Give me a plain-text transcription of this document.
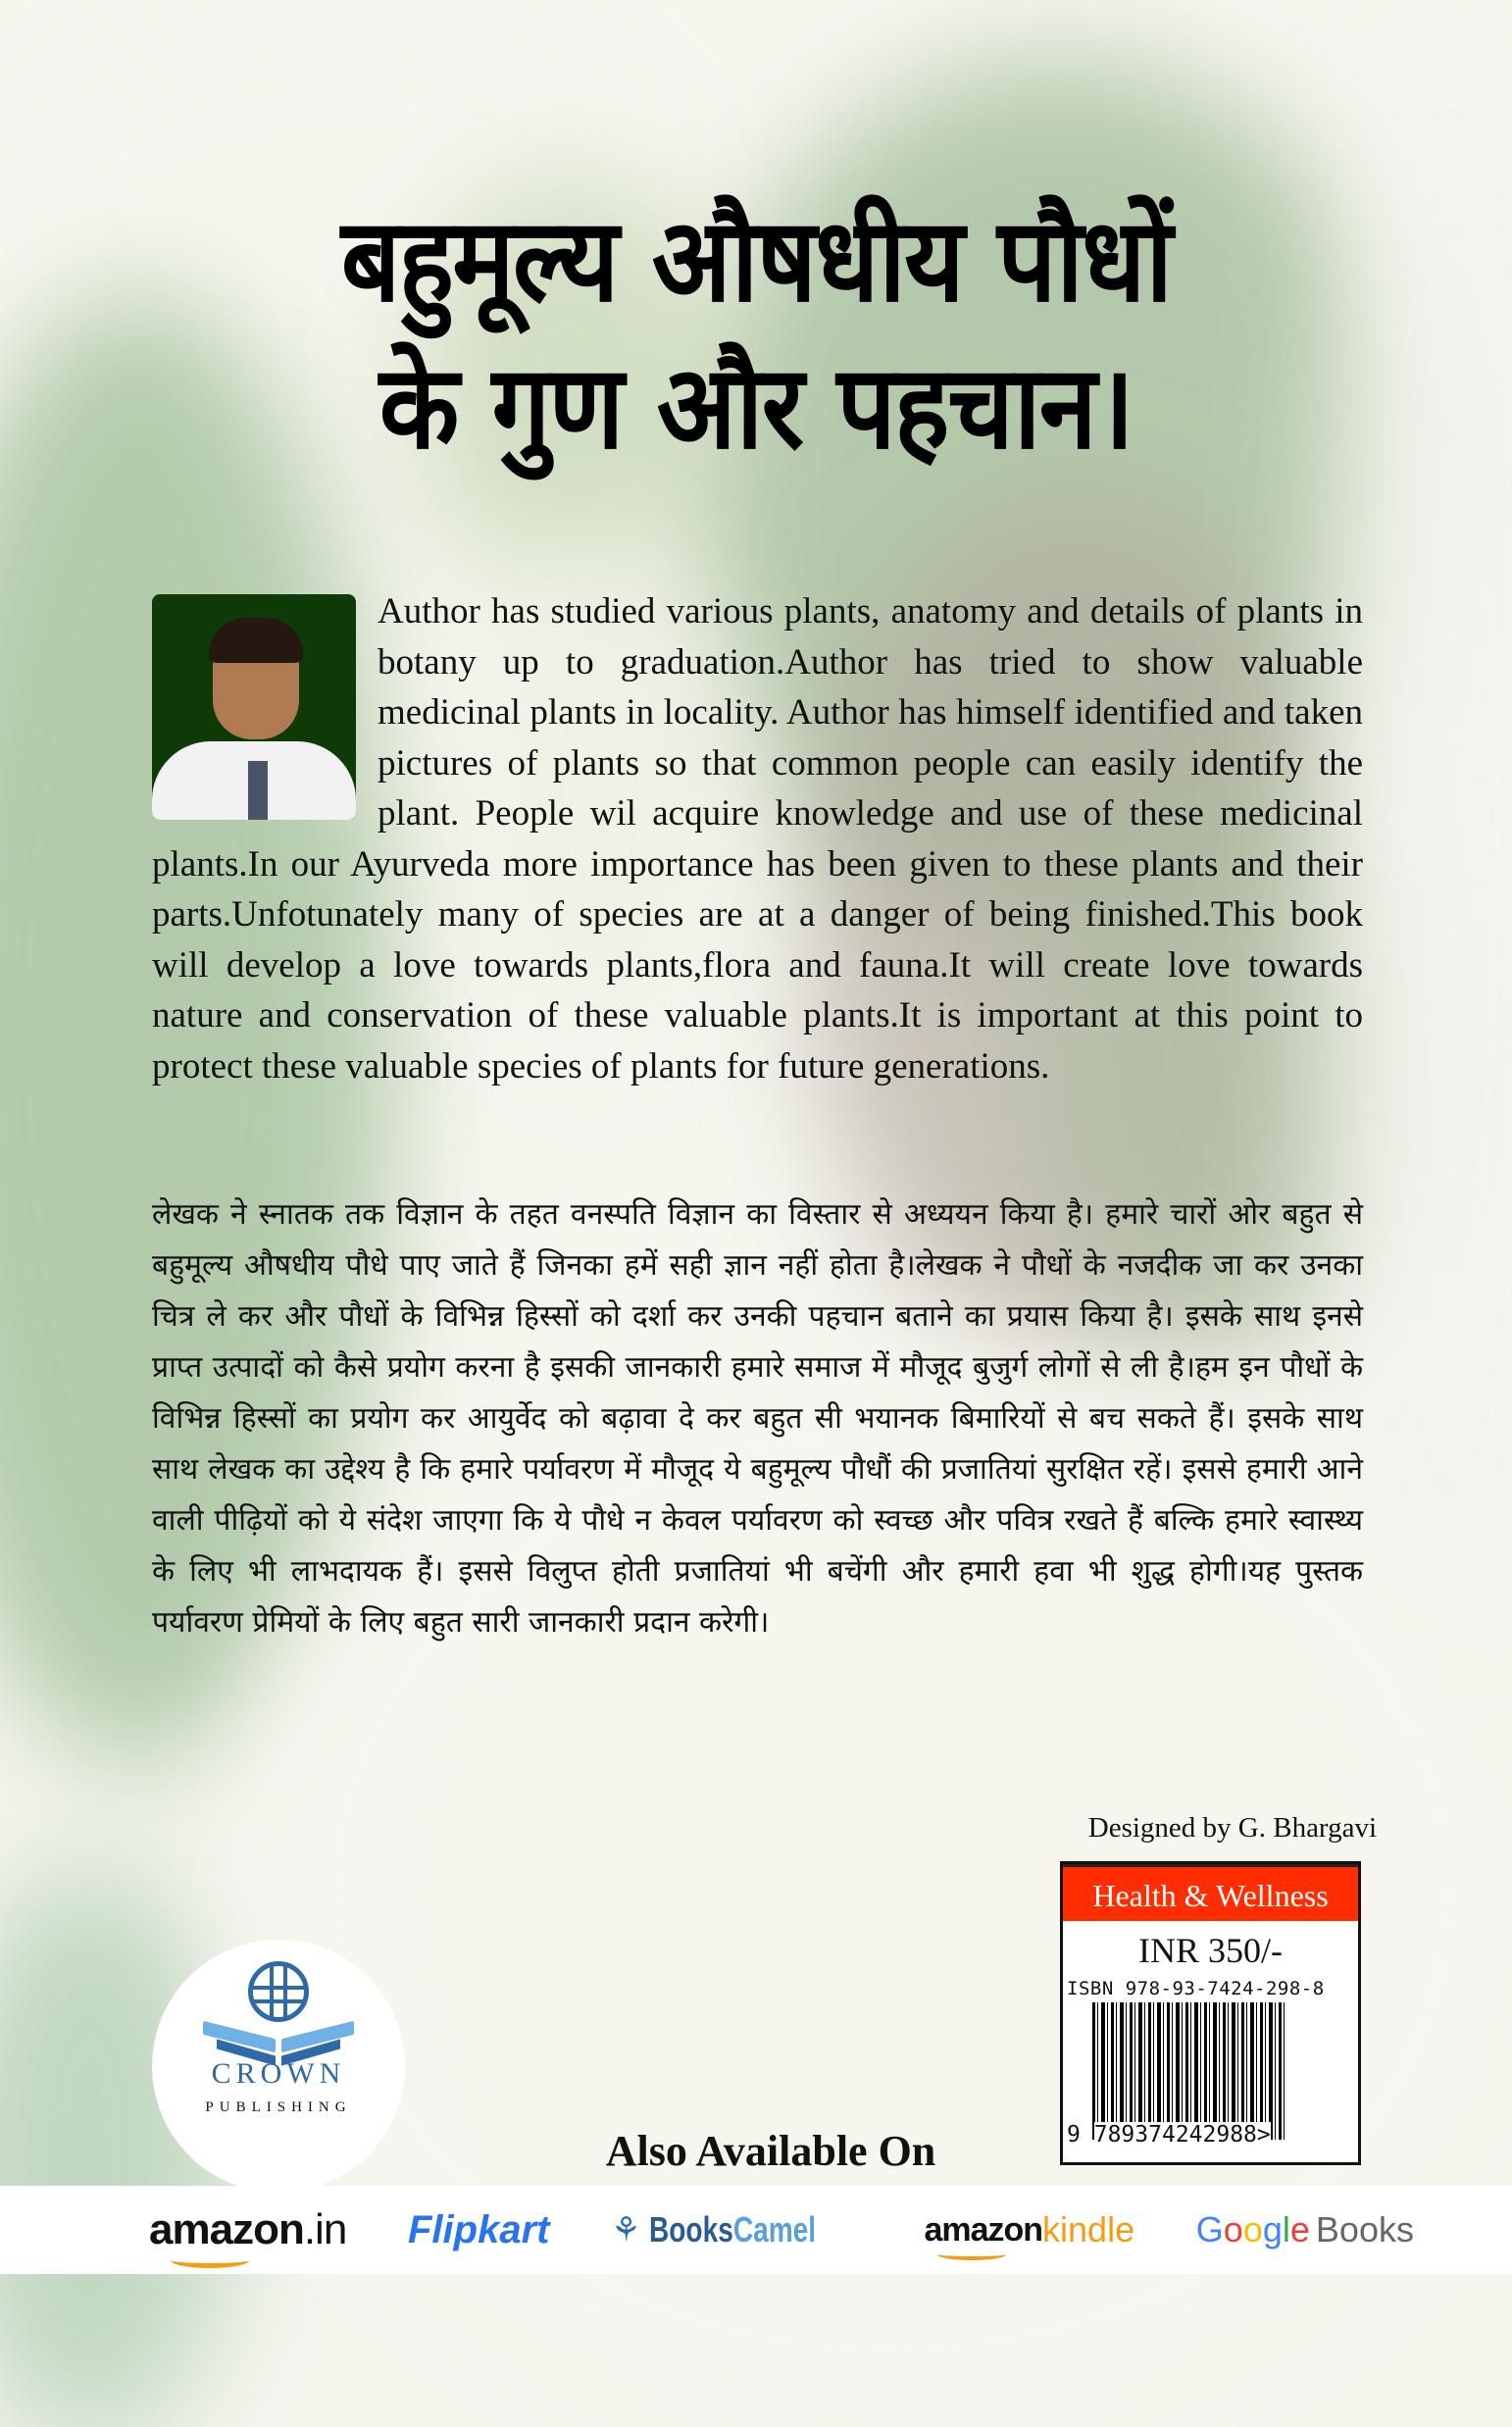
बहुमूल्य औषधीय पौधों
के गुण और पहचान।
Author has studied various plants, anatomy and details of plants in botany up to graduation.Author has tried to show valuable medicinal plants in locality. Author has himself identified and taken pictures of plants so that common people can easily identify the plant. People wil acquire knowledge and use of these medicinal plants.In our Ayurveda more importance has been given to these plants and their parts.Unfotunately many of species are at a danger of being finished.This book will develop a love towards plants,flora and fauna.It will create love towards nature and conservation of these valuable plants.It is important at this point to protect these valuable species of plants for future generations.

लेखक ने स्नातक तक विज्ञान के तहत वनस्पति विज्ञान का विस्तार से अध्ययन किया है। हमारे चारों ओर बहुत से बहुमूल्य औषधीय पौधे पाए जाते हैं जिनका हमें सही ज्ञान नहीं होता है।लेखक ने पौधों के नजदीक जा कर उनका चित्र ले कर और पौधों के विभिन्न हिस्सों को दर्शा कर उनकी पहचान बताने का प्रयास किया है। इसके साथ इनसे प्राप्त उत्पादों को कैसे प्रयोग करना है इसकी जानकारी हमारे समाज में मौजूद बुजुर्ग लोगों से ली है।हम इन पौधों के विभिन्न हिस्सों का प्रयोग कर आयुर्वेद को बढ़ावा दे कर बहुत सी भयानक बिमारियों से बच सकते हैं। इसके साथ साथ लेखक का उद्देश्य है कि हमारे पर्यावरण में मौजूद ये बहुमूल्य पौधौं की प्रजातियां सुरक्षित रहें। इससे हमारी आने वाली पीढ़ियों को ये संदेश जाएगा कि ये पौधे न केवल पर्यावरण को स्वच्छ और पवित्र रखते हैं बल्कि हमारे स्वास्थ्य के लिए भी लाभदायक हैं। इससे विलुप्त होती प्रजातियां भी बचेंगी और हमारी हवा भी शुद्ध होगी।यह पुस्तक पर्यावरण प्रेमियों के लिए बहुत सारी जानकारी प्रदान करेगी।

Designed by G. Bhargavi
Health & Wellness
INR 350/-
ISBN 978-93-7424-298-8
9 789374242988>
CROWN
PUBLISHING
Also Available On
amazon .in Flipkart ⚘ BooksCamel	amazon kindle Google Books
